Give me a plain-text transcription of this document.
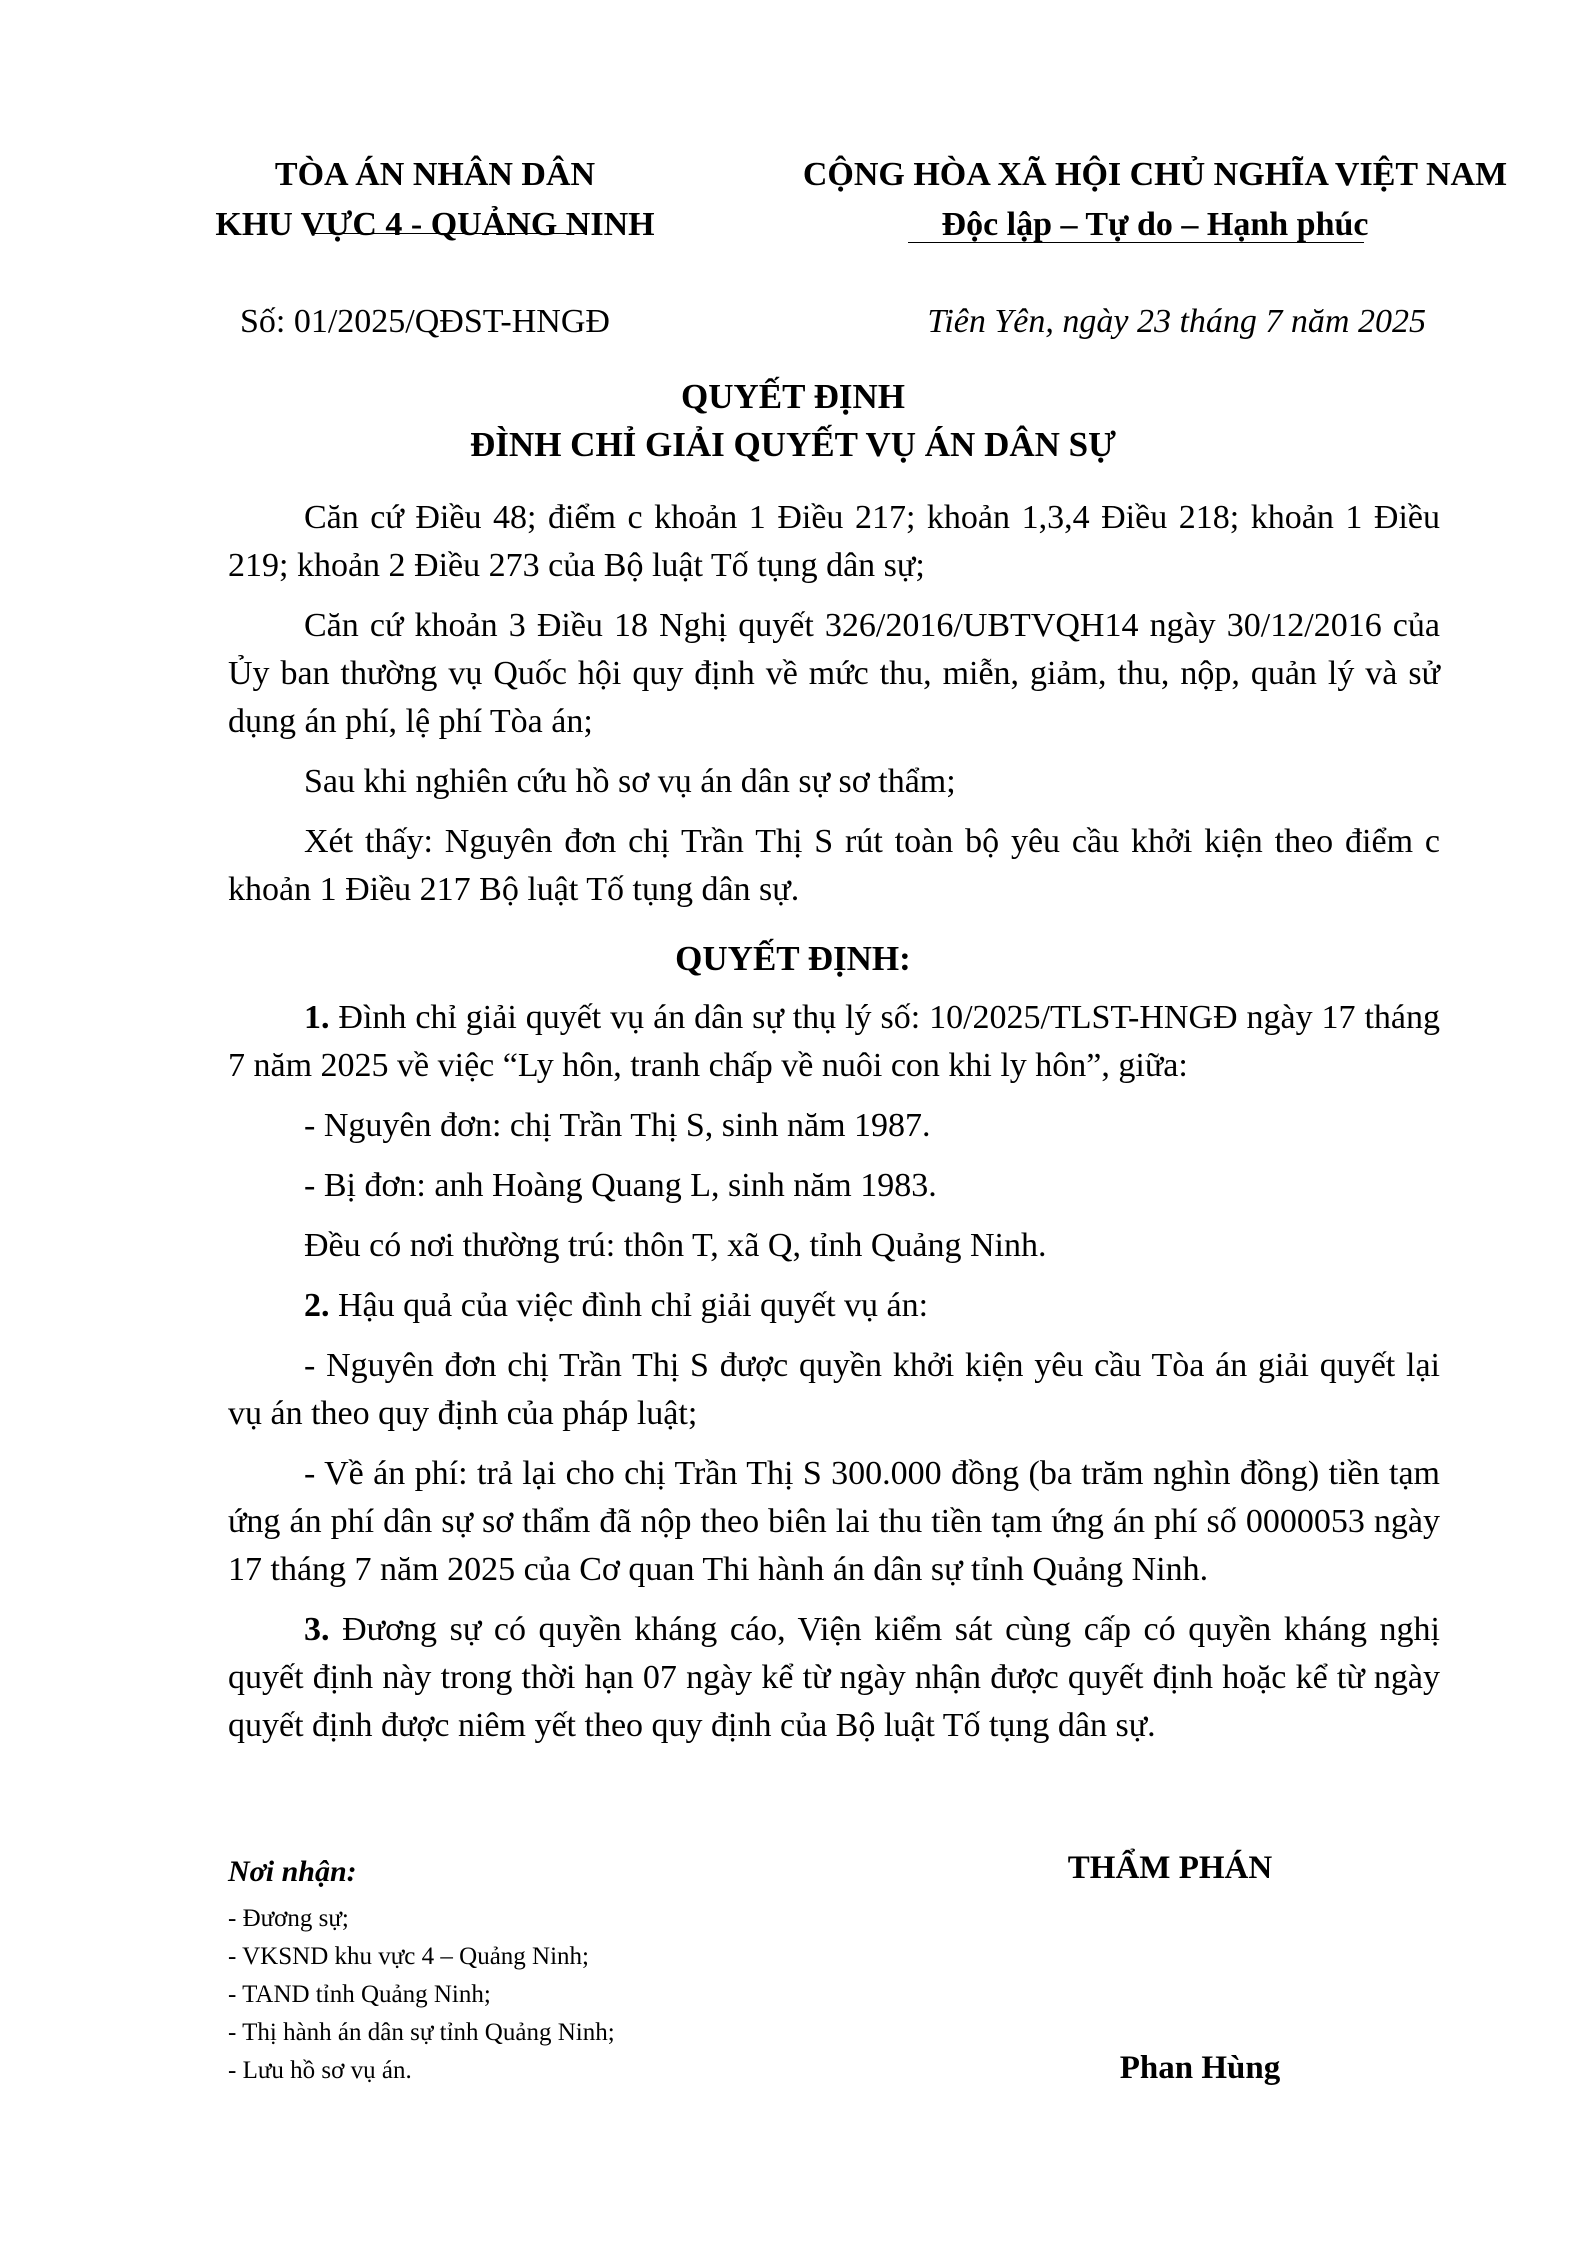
TÒA ÁN NHÂN DÂN
KHU VỰC 4 - QUẢNG NINH
CỘNG HÒA XÃ HỘI CHỦ NGHĨA VIỆT NAM
Độc lập – Tự do – Hạnh phúc
Số: 01/2025/QĐST-HNGĐ	Tiên Yên, ngày 23 tháng 7 năm 2025
QUYẾT ĐỊNH
ĐÌNH CHỈ GIẢI QUYẾT VỤ ÁN DÂN SỰ

Căn cứ Điều 48; điểm c khoản 1 Điều 217; khoản 1,3,4 Điều 218; khoản 1 Điều 219; khoản 2 Điều 273 của Bộ luật Tố tụng dân sự;

Căn cứ khoản 3 Điều 18 Nghị quyết 326/2016/UBTVQH14 ngày 30/12/2016 của Ủy ban thường vụ Quốc hội quy định về mức thu, miễn, giảm, thu, nộp, quản lý và sử dụng án phí, lệ phí Tòa án;

Sau khi nghiên cứu hồ sơ vụ án dân sự sơ thẩm;

Xét thấy: Nguyên đơn chị Trần Thị S rút toàn bộ yêu cầu khởi kiện theo điểm c khoản 1 Điều 217 Bộ luật Tố tụng dân sự.

QUYẾT ĐỊNH:

1. Đình chỉ giải quyết vụ án dân sự thụ lý số: 10/2025/TLST-HNGĐ ngày 17 tháng 7 năm 2025 về việc “Ly hôn, tranh chấp về nuôi con khi ly hôn”, giữa:

- Nguyên đơn: chị Trần Thị S, sinh năm 1987.

- Bị đơn: anh Hoàng Quang L, sinh năm 1983.

Đều có nơi thường trú: thôn T, xã Q, tỉnh Quảng Ninh.

2. Hậu quả của việc đình chỉ giải quyết vụ án:

- Nguyên đơn chị Trần Thị S được quyền khởi kiện yêu cầu Tòa án giải quyết lại vụ án theo quy định của pháp luật;

- Về án phí: trả lại cho chị Trần Thị S 300.000 đồng (ba trăm nghìn đồng) tiền tạm ứng án phí dân sự sơ thẩm đã nộp theo biên lai thu tiền tạm ứng án phí số 0000053 ngày 17 tháng 7 năm 2025 của Cơ quan Thi hành án dân sự tỉnh Quảng Ninh.

3. Đương sự có quyền kháng cáo, Viện kiểm sát cùng cấp có quyền kháng nghị quyết định này trong thời hạn 07 ngày kể từ ngày nhận được quyết định hoặc kể từ ngày quyết định được niêm yết theo quy định của Bộ luật Tố tụng dân sự.

Nơi nhận:
- Đương sự;
- VKSND khu vực 4 – Quảng Ninh;
- TAND tỉnh Quảng Ninh;
- Thị hành án dân sự tỉnh Quảng Ninh;
- Lưu hồ sơ vụ án.
THẨM PHÁN
Phan Hùng
